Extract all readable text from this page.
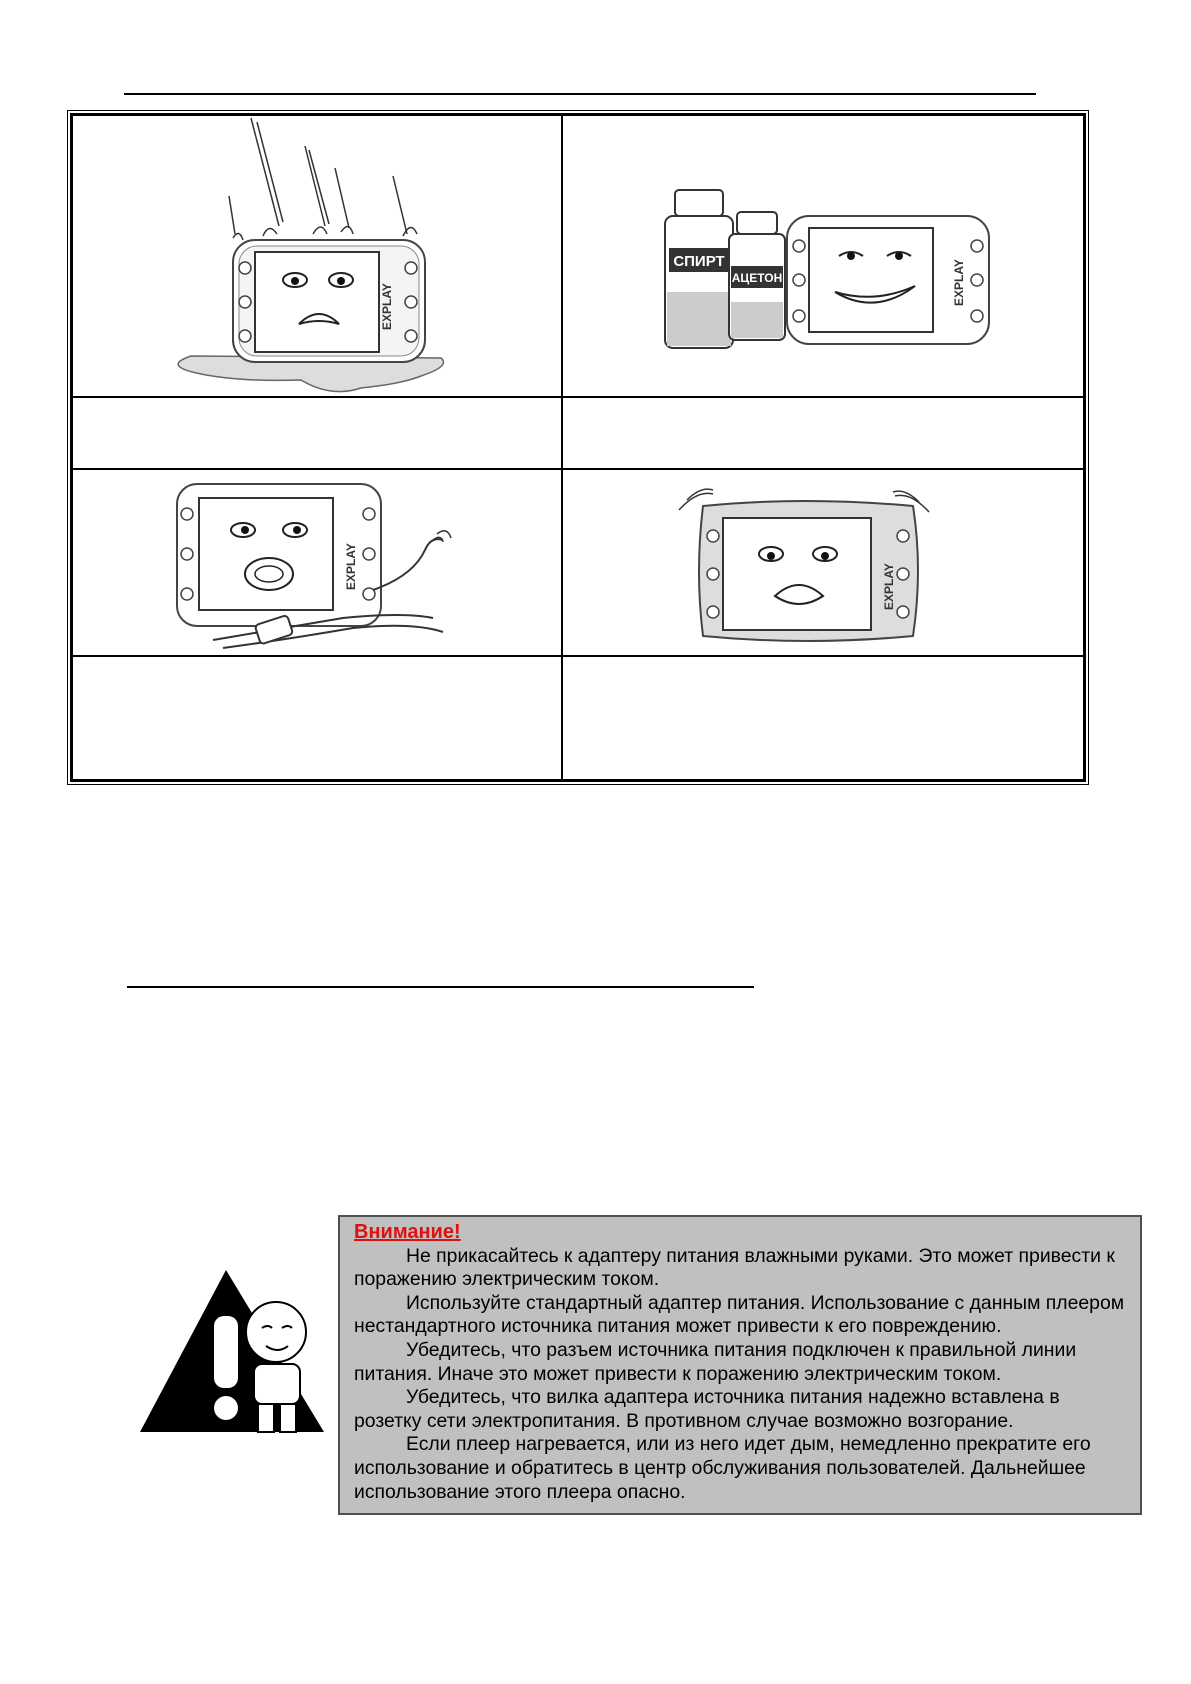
EXPLAY
СПИРТ
АЦЕТОН	EXPLAY
EXPLAY	EXPLAY

Внимание!

Не прикасайтесь к адаптеру питания влажными руками. Это может привести к поражению электрическим током.

Используйте стандартный адаптер питания. Использование с данным плеером нестандартного источника питания может привести к его повреждению.

Убедитесь, что разъем источника питания подключен к правильной линии питания. Иначе это может привести к поражению электрическим током.

Убедитесь, что вилка адаптера источника питания надежно вставлена в розетку сети электропитания. В противном случае возможно возгорание.

Если плеер нагревается, или из него идет дым, немедленно прекратите его использование и обратитесь в центр обслуживания пользователей. Дальнейшее использование этого плеера опасно.
